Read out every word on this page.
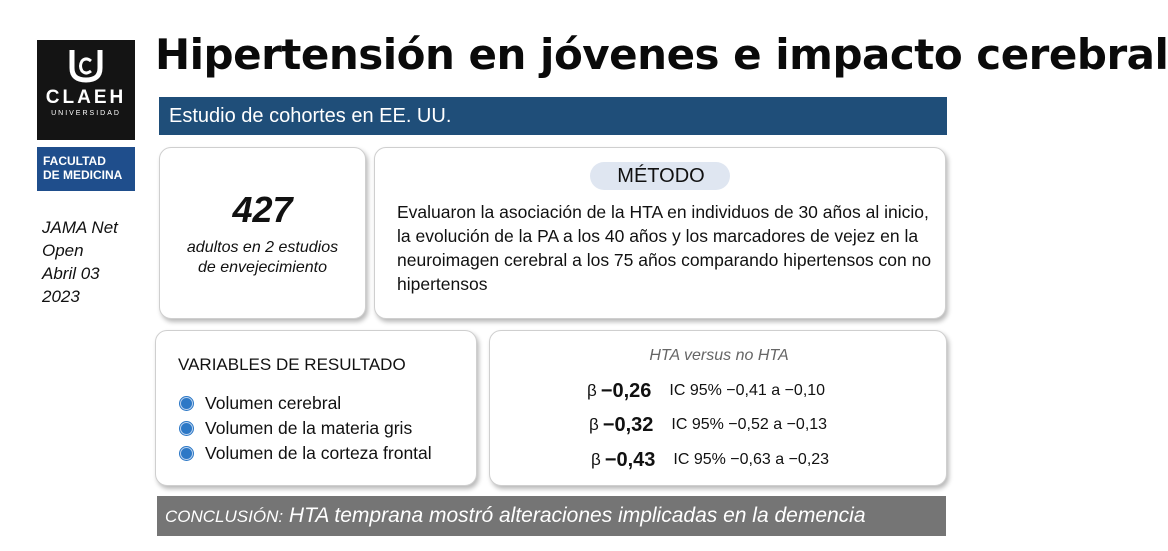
CLAEH
UNIVERSIDAD
FACULTAD
DE MEDICINA
JAMA Net
Open
Abril 03
2023
Hipertensión en jóvenes e impacto cerebral
Estudio de cohortes en EE. UU.
427
adultos en 2 estudios
de envejecimiento
MÉTODO
Evaluaron la asociación de la HTA en individuos de 30 años al inicio, la evolución de la PA a los 40 años y los marcadores de vejez en la neuroimagen cerebral a los 75 años comparando hipertensos con no hipertensos
VARIABLES DE RESULTADO
Volumen cerebral
Volumen de la materia gris
Volumen de la corteza frontal
HTA versus no HTA
β −0,26 IC 95% −0,41 a −0,10
β −0,32 IC 95% −0,52 a −0,13
β −0,43 IC 95% −0,63 a −0,23
CONCLUSIÓN: HTA temprana mostró alteraciones implicadas en la demencia
